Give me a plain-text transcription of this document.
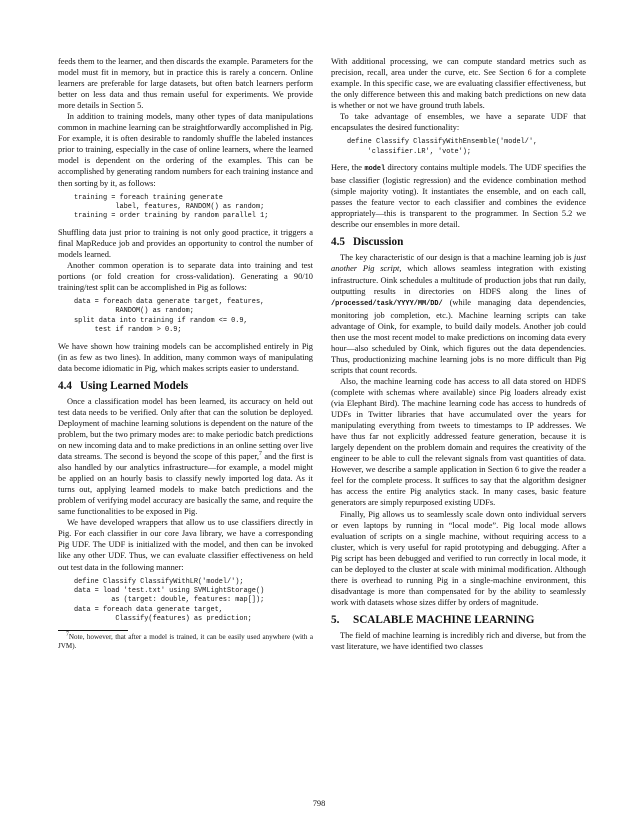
feeds them to the learner, and then discards the example. Parameters for the model must fit in memory, but in practice this is rarely a concern. Online learners are preferable for large datasets, but often batch learners perform better on less data and thus remain useful for experiments. We provide more details in Section 5.

In addition to training models, many other types of data manipulations common in machine learning can be straightforwardly accomplished in Pig. For example, it is often desirable to randomly shuffle the labeled instances prior to training, especially in the case of online learners, where the learned model is dependent on the ordering of the examples. This can be accomplished by generating random numbers for each training instance and then sorting by it, as follows:

training = foreach training generate
label, features, RANDOM() as random;
training = order training by random parallel 1;

Shuffling data just prior to training is not only good practice, it triggers a final MapReduce job and provides an opportunity to control the number of models learned.

Another common operation is to separate data into training and test portions (or fold creation for cross-validation). Generating a 90/10 training/test split can be accomplished in Pig as follows:

data = foreach data generate target, features,
RANDOM() as random;
split data into training if random <= 0.9,
test if random > 0.9;

We have shown how training models can be accomplished entirely in Pig (in as few as two lines). In addition, many common ways of manipulating data become idiomatic in Pig, which makes scripts easier to understand.

4.4 Using Learned Models

Once a classification model has been learned, its accuracy on held out test data needs to be verified. Only after that can the solution be deployed. Deployment of machine learning solutions is dependent on the nature of the problem, but the two primary modes are: to make periodic batch predictions on new incoming data and to make predictions in an online setting over live data streams. The second is beyond the scope of this paper,$^7$ and the first is also handled by our analytics infrastructure—for example, a model might be applied on an hourly basis to classify newly imported log data. As it turns out, applying learned models to make batch predictions and the problem of verifying model accuracy are basically the same, and require the same functionalities to be exposed in Pig.

We have developed wrappers that allow us to use classifiers directly in Pig. For each classifier in our core Java library, we have a corresponding Pig UDF. The UDF is initialized with the model, and then can be invoked like any other UDF. Thus, we can evaluate classifier effectiveness on held out test data in the following manner:

define Classify ClassifyWithLR('model/');
data = load 'test.txt' using SVMLightStorage()
as (target: double, features: map[]);
data = foreach data generate target,
Classify(features) as prediction;
$^7$Note, however, that after a model is trained, it can be easily used anywhere (with a JVM).

With additional processing, we can compute standard metrics such as precision, recall, area under the curve, etc. See Section 6 for a complete example. In this specific case, we are evaluating classifier effectiveness, but the only difference between this and making batch predictions on new data is whether or not we have ground truth labels.

To take advantage of ensembles, we have a separate UDF that encapsulates the desired functionality:

define Classify ClassifyWithEnsemble('model/',
'classifier.LR', 'vote');

Here, the model directory contains multiple models. The UDF specifies the base classifier (logistic regression) and the evidence combination method (simple majority voting). It instantiates the ensemble, and on each call, passes the feature vector to each classifier and combines the evidence appropriately—this is transparent to the programmer. In Section 5.2 we describe our ensembles in more detail.

4.5 Discussion

The key characteristic of our design is that a machine learning job is just another Pig script, which allows seamless integration with existing infrastructure. Oink schedules a multitude of production jobs that run daily, outputting results in directories on HDFS along the lines of /processed/task/YYYY/MM/DD/ (while managing data dependencies, monitoring job completion, etc.). Machine learning scripts can take advantage of Oink, for example, to build daily models. Another job could then use the most recent model to make predictions on incoming data every hour—also scheduled by Oink, which figures out the data dependencies. Thus, productionizing machine learning jobs is no more difficult than Pig scripts that count records.

Also, the machine learning code has access to all data stored on HDFS (complete with schemas where available) since Pig loaders already exist (via Elephant Bird). The machine learning code has access to hundreds of UDFs in Twitter libraries that have accumulated over the years for manipulating everything from tweets to timestamps to IP addresses. We have thus far not explicitly addressed feature generation, because it is largely dependent on the problem domain and requires the creativity of the engineer to be able to cull the relevant signals from vast quantities of data. However, we describe a sample application in Section 6 to give the reader a feel for the complete process. It suffices to say that the algorithm designer has access the entire Pig analytics stack. In many cases, basic feature generators are simply repurposed existing UDFs.

Finally, Pig allows us to seamlessly scale down onto individual servers or even laptops by running in “local mode”. Pig local mode allows evaluation of scripts on a single machine, without requiring access to a cluster, which is very useful for rapid prototyping and debugging. After a Pig script has been debugged and verified to run correctly in local mode, it can be deployed to the cluster at scale with minimal modification. Although there is overhead to running Pig in a single-machine environment, this disadvantage is more than compensated for by the ability to seamlessly work with datasets whose sizes differ by orders of magnitude.

5. SCALABLE MACHINE LEARNING

The field of machine learning is incredibly rich and diverse, but from the vast literature, we have identified two classes

798
